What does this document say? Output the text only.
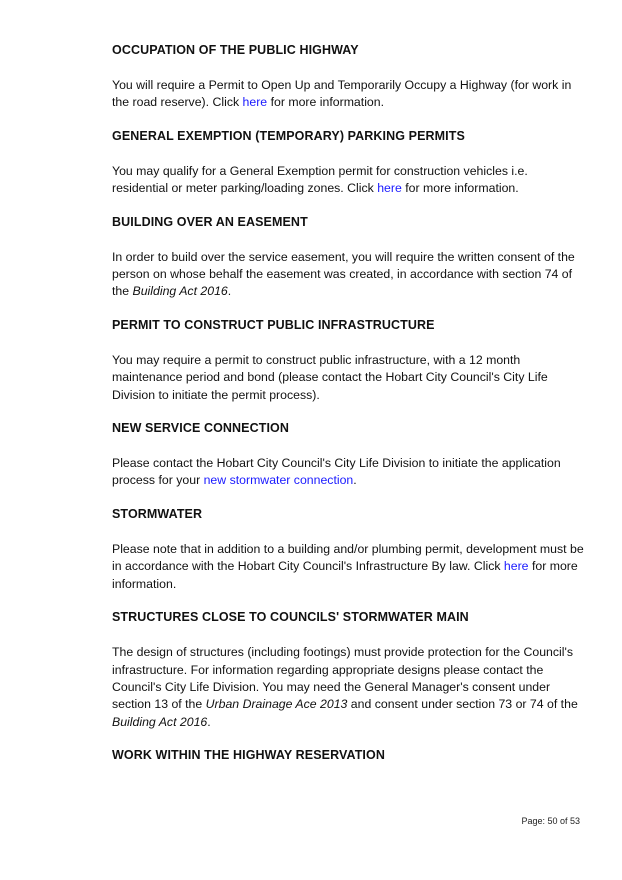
OCCUPATION OF THE PUBLIC HIGHWAY

You will require a Permit to Open Up and Temporarily Occupy a Highway (for work in the road reserve). Click here for more information.

GENERAL EXEMPTION (TEMPORARY) PARKING PERMITS

You may qualify for a General Exemption permit for construction vehicles i.e. residential or meter parking/loading zones. Click here for more information.

BUILDING OVER AN EASEMENT

In order to build over the service easement, you will require the written consent of the person on whose behalf the easement was created, in accordance with section 74 of the Building Act 2016.

PERMIT TO CONSTRUCT PUBLIC INFRASTRUCTURE

You may require a permit to construct public infrastructure, with a 12 month maintenance period and bond (please contact the Hobart City Council's City Life Division to initiate the permit process).

NEW SERVICE CONNECTION

Please contact the Hobart City Council's City Life Division to initiate the application process for your new stormwater connection.

STORMWATER

Please note that in addition to a building and/or plumbing permit, development must be in accordance with the Hobart City Council's Infrastructure By law. Click here for more information.

STRUCTURES CLOSE TO COUNCILS' STORMWATER MAIN

The design of structures (including footings) must provide protection for the Council's infrastructure. For information regarding appropriate designs please contact the Council's City Life Division. You may need the General Manager's consent under section 13 of the Urban Drainage Ace 2013 and consent under section 73 or 74 of the Building Act 2016.

WORK WITHIN THE HIGHWAY RESERVATION
Page: 50 of 53
